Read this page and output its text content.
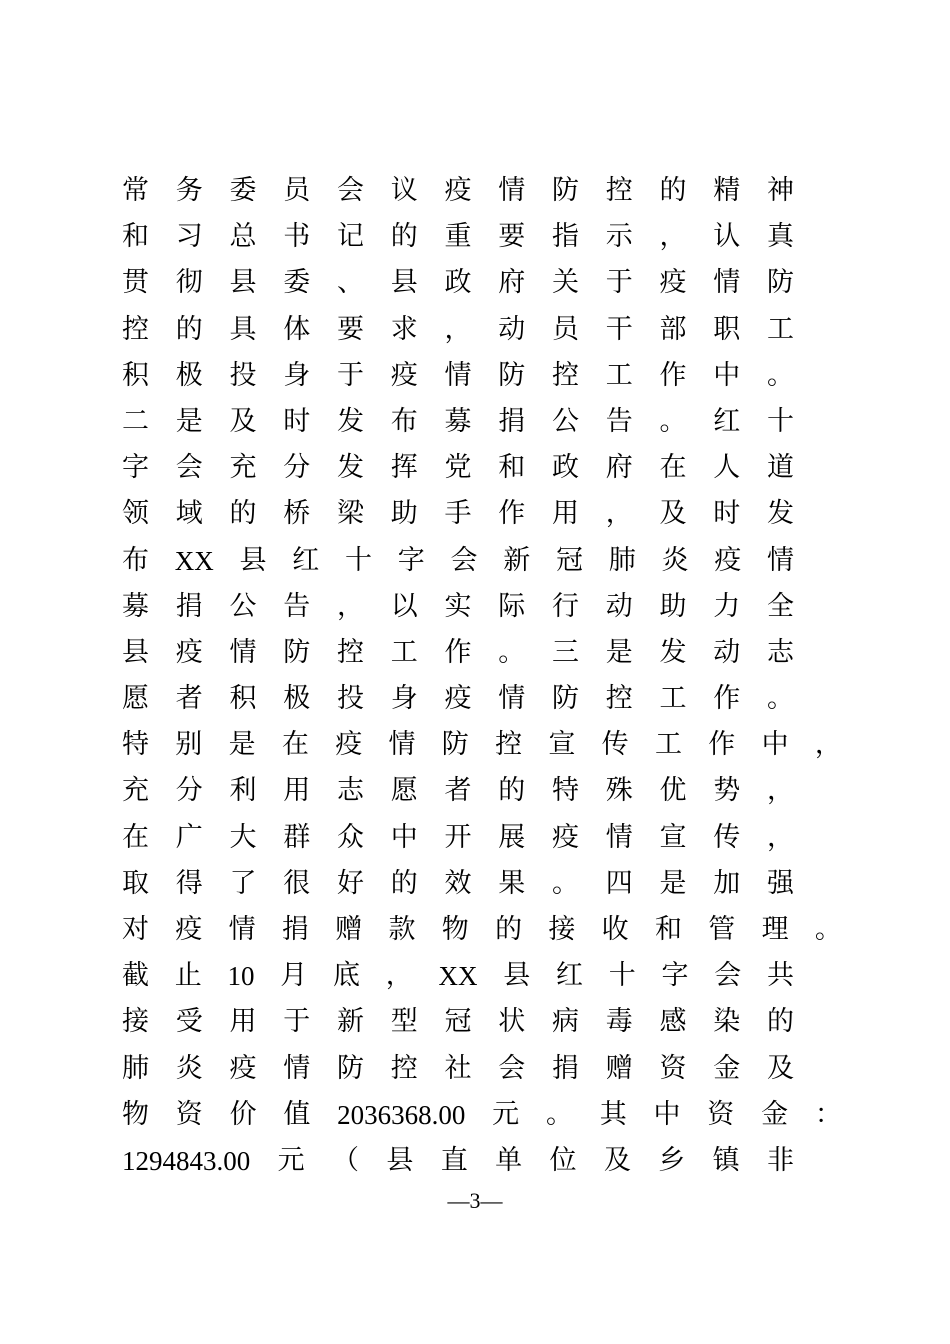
常 务 委 员 会 议 疫 情 防 控 的 精 神
和 习 总 书 记 的 重 要 指 示 ， 认 真
贯 彻 县 委 、 县 政 府 关 于 疫 情 防
控 的 具 体 要 求 ， 动 员 干 部 职 工
积 极 投 身 于 疫 情 防 控 工 作 中 。
二 是 及 时 发 布 募 捐 公 告 。 红 十
字 会 充 分 发 挥 党 和 政 府 在 人 道
领 域 的 桥 梁 助 手 作 用 ， 及 时 发
布 XX 县 红 十 字 会 新 冠 肺 炎 疫 情
募 捐 公 告 ， 以 实 际 行 动 助 力 全
县 疫 情 防 控 工 作 。 三 是 发 动 志
愿 者 积 极 投 身 疫 情 防 控 工 作 。
特 别 是 在 疫 情 防 控 宣 传 工 作 中 ，
充 分 利 用 志 愿 者 的 特 殊 优 势 ，
在 广 大 群 众 中 开 展 疫 情 宣 传 ，
取 得 了 很 好 的 效 果 。 四 是 加 强
对 疫 情 捐 赠 款 物 的 接 收 和 管 理 。
截 止 10 月 底 ， XX 县 红 十 字 会 共
接 受 用 于 新 型 冠 状 病 毒 感 染 的
肺 炎 疫 情 防 控 社 会 捐 赠 资 金 及
物 资 价 值 2036368.00 元 。 其 中 资 金 ：
1294843.00 元 （ 县 直 单 位 及 乡 镇 非
—3—
